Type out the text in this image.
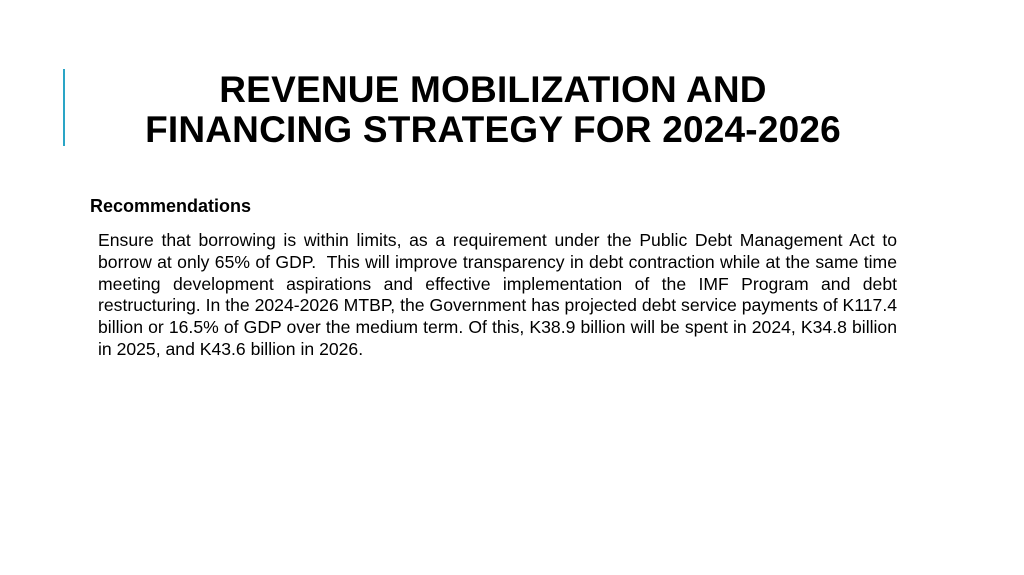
REVENUE MOBILIZATION AND
FINANCING STRATEGY FOR 2024-2026
Recommendations

Ensure that borrowing is within limits, as a requirement under the Public Debt Management Act to borrow at only 65% of GDP.  This will improve transparency in debt contraction while at the same time meeting development aspirations and effective implementation of the IMF Program and debt restructuring. In the 2024-2026 MTBP, the Government has projected debt service payments of K117.4 billion or 16.5% of GDP over the medium term. Of this, K38.9 billion will be spent in 2024, K34.8 billion in 2025, and K43.6 billion in 2026.
